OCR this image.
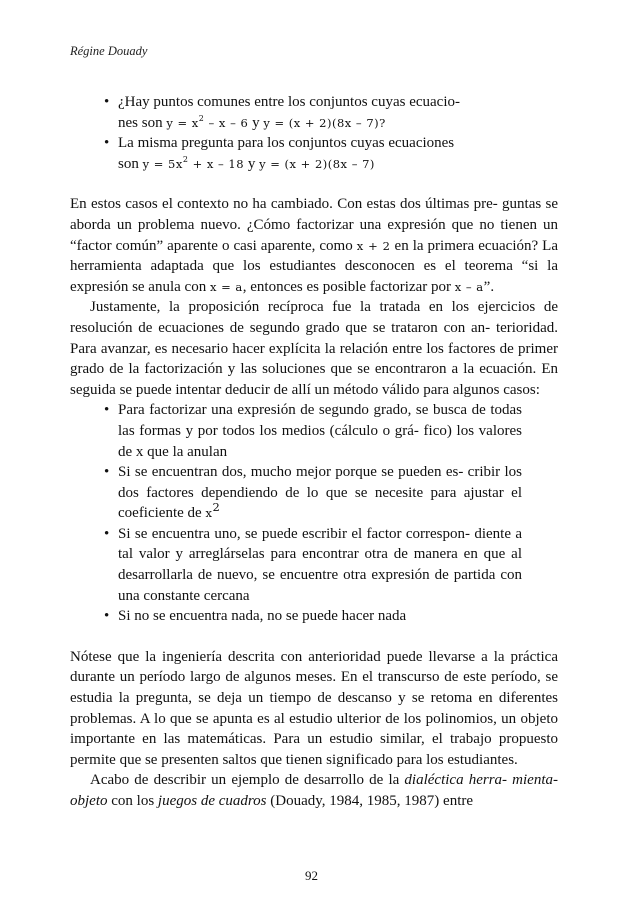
Régine Douady
• ¿Hay puntos comunes entre los conjuntos cuyas ecuacio-
nes son $y = x^2 - x - 6$ y y = (x + 2)(8x – 7)?
• La misma pregunta para los conjuntos cuyas ecuaciones
son $y = 5x^2 + x - 18$ y y = (x + 2)(8x – 7)

En estos casos el contexto no ha cambiado. Con estas dos últimas pre- guntas se aborda un problema nuevo. ¿Cómo factorizar una expresión que no tienen un “factor común” aparente o casi aparente, como x + 2 en la primera ecuación? La herramienta adaptada que los estudiantes desconocen es el teorema “si la expresión se anula con x = a, entonces es posible factorizar por x – a”.

Justamente, la proposición recíproca fue la tratada en los ejercicios de resolución de ecuaciones de segundo grado que se trataron con an- terioridad. Para avanzar, es necesario hacer explícita la relación entre los factores de primer grado de la factorización y las soluciones que se encontraron a la ecuación. En seguida se puede intentar deducir de allí un método válido para algunos casos:

• Para factorizar una expresión de segundo grado, se busca de todas las formas y por todos los medios (cálculo o grá- fico) los valores de x que la anulan
• Si se encuentran dos, mucho mejor porque se pueden es- cribir los dos factores dependiendo de lo que se necesite para ajustar el coeficiente de $x^2$
• Si se encuentra uno, se puede escribir el factor correspon- diente a tal valor y arreglárselas para encontrar otra de manera en que al desarrollarla de nuevo, se encuentre otra expresión de partida con una constante cercana
• Si no se encuentra nada, no se puede hacer nada

Nótese que la ingeniería descrita con anterioridad puede llevarse a la práctica durante un período largo de algunos meses. En el transcurso de este período, se estudia la pregunta, se deja un tiempo de descanso y se retoma en diferentes problemas. A lo que se apunta es al estudio ulterior de los polinomios, un objeto importante en las matemáticas. Para un estudio similar, el trabajo propuesto permite que se presenten saltos que tienen significado para los estudiantes.

Acabo de describir un ejemplo de desarrollo de la dialéctica herra- mienta-objeto con los juegos de cuadros (Douady, 1984, 1985, 1987) entre

92
